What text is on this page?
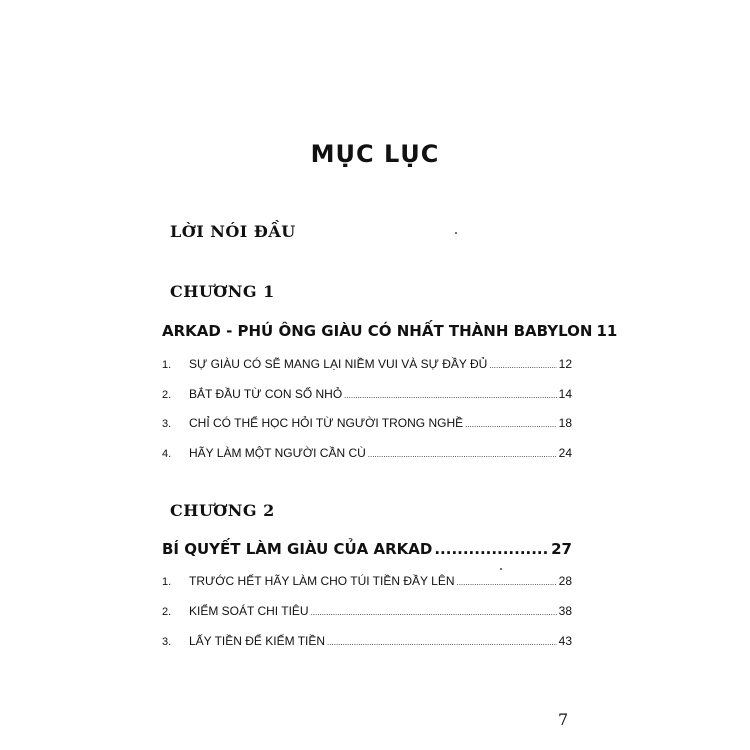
MỤC LỤC
LỜI NÓI ĐẦU
CHƯƠNG 1
ARKAD - PHÚ ÔNG GIÀU CÓ NHẤT THÀNH BABYLON 11
1.	SỰ GIÀU CÓ SẼ MANG LẠI NIỀM VUI VÀ SỰ ĐẦY ĐỦ .....	12
2.	BẮT ĐẦU TỪ CON SỐ NHỎ .....	14
3.	CHỈ CÓ THỂ HỌC HỎI TỪ NGƯỜI TRONG NGHỀ .....	18
4.	HÃY LÀM MỘT NGƯỜI CẦN CÙ .....	24
CHƯƠNG 2
BÍ QUYẾT LÀM GIÀU CỦA ARKAD .....	27
1.	TRƯỚC HẾT HÃY LÀM CHO TÚI TIỀN ĐẦY LÊN .....	28
2.	KIỂM SOÁT CHI TIÊU .....	38
3.	LẤY TIỀN ĐỂ KIẾM TIỀN .....	43
7
